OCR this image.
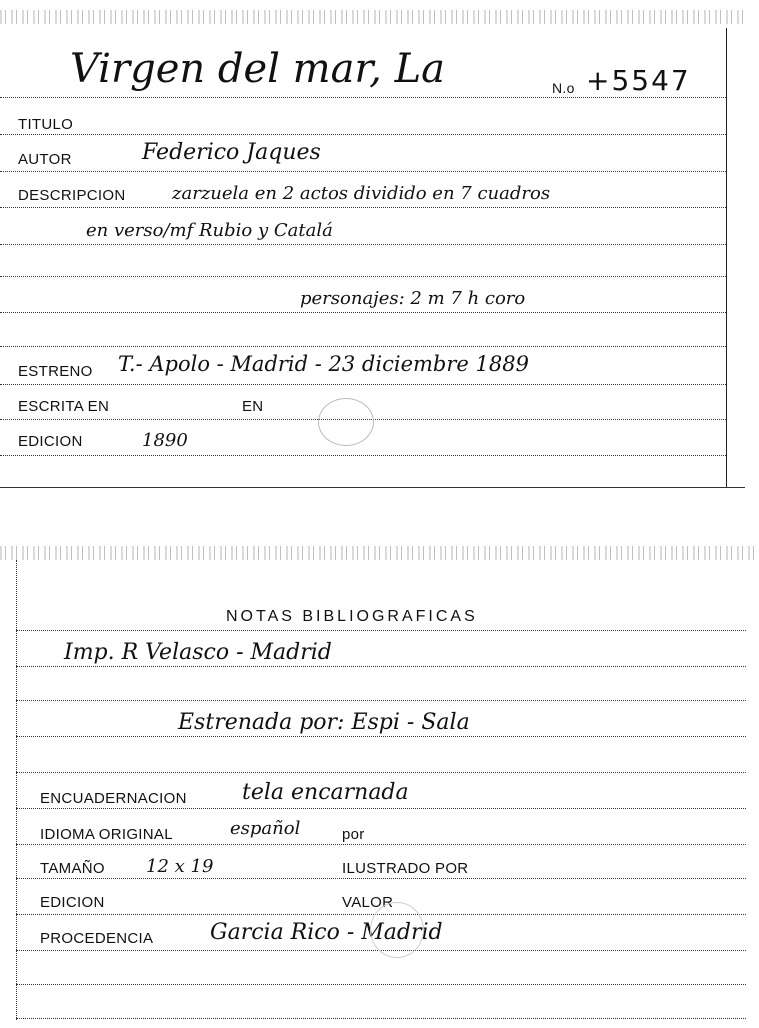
Virgen del mar, La	N.o +5547
TITULO
AUTOR	Federico Jaques
DESCRIPCION	zarzuela en 2 actos dividido en 7 cuadros
en verso/mf Rubio y Catalá
personajes: 2 m 7 h coro
ESTRENO T.- Apolo - Madrid - 23 diciembre 1889
ESCRITA EN	EN
EDICION	1890
NOTAS BIBLIOGRAFICAS
Imp. R Velasco - Madrid
Estrenada por: Espi - Sala
ENCUADERNACION	tela encarnada
IDIOMA ORIGINAL	español	por
TAMAÑO 12 x 19	ILUSTRADO POR
EDICION	VALOR
PROCEDENCIA	Garcia Rico - Madrid
